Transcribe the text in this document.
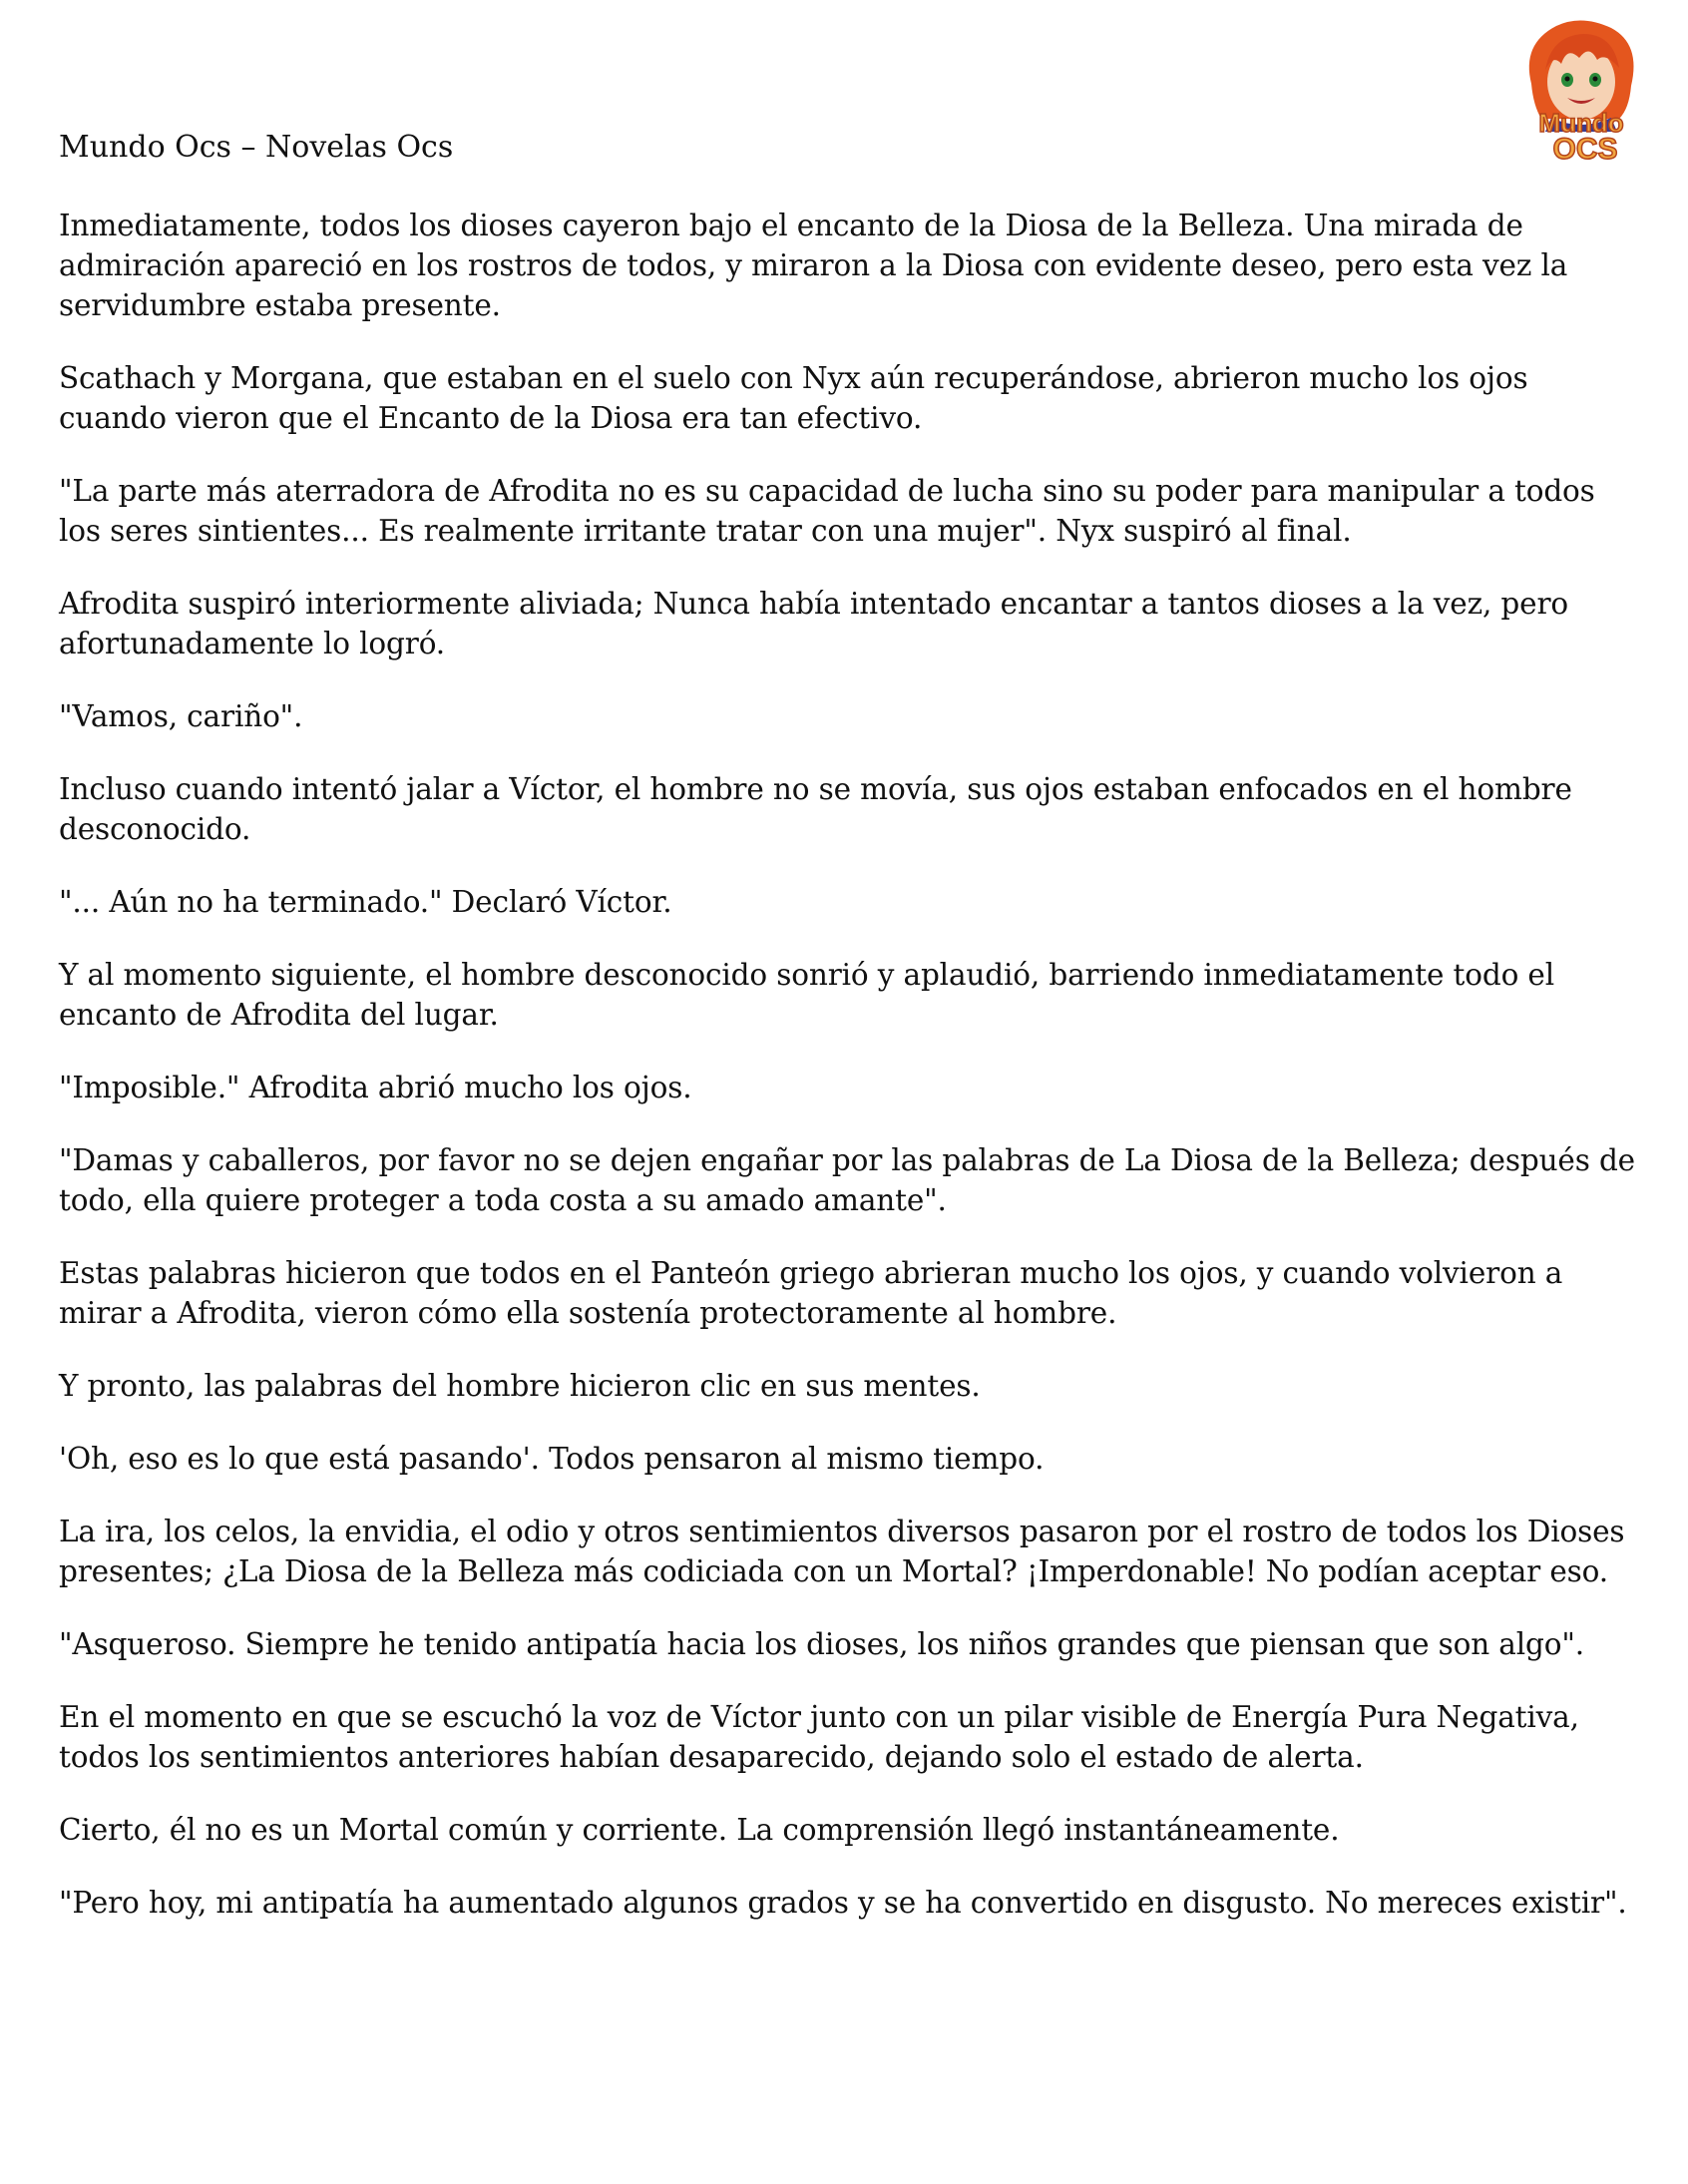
Mundo
OCS
Mundo Ocs – Novelas Ocs

Inmediatamente, todos los dioses cayeron bajo el encanto de la Diosa de la Belleza. Una mirada de admiración apareció en los rostros de todos, y miraron a la Diosa con evidente deseo, pero esta vez la servidumbre estaba presente.

Scathach y Morgana, que estaban en el suelo con Nyx aún recuperándose, abrieron mucho los ojos cuando vieron que el Encanto de la Diosa era tan efectivo.

"La parte más aterradora de Afrodita no es su capacidad de lucha sino su poder para manipular a todos los seres sintientes... Es realmente irritante tratar con una mujer". Nyx suspiró al final.

Afrodita suspiró interiormente aliviada; Nunca había intentado encantar a tantos dioses a la vez, pero afortunadamente lo logró.

"Vamos, cariño".

Incluso cuando intentó jalar a Víctor, el hombre no se movía, sus ojos estaban enfocados en el hombre desconocido.

"... Aún no ha terminado." Declaró Víctor.

Y al momento siguiente, el hombre desconocido sonrió y aplaudió, barriendo inmediatamente todo el encanto de Afrodita del lugar.

"Imposible." Afrodita abrió mucho los ojos.

"Damas y caballeros, por favor no se dejen engañar por las palabras de La Diosa de la Belleza; después de todo, ella quiere proteger a toda costa a su amado amante".

Estas palabras hicieron que todos en el Panteón griego abrieran mucho los ojos, y cuando volvieron a mirar a Afrodita, vieron cómo ella sostenía protectoramente al hombre.

Y pronto, las palabras del hombre hicieron clic en sus mentes.

'Oh, eso es lo que está pasando'. Todos pensaron al mismo tiempo.

La ira, los celos, la envidia, el odio y otros sentimientos diversos pasaron por el rostro de todos los Dioses presentes; ¿La Diosa de la Belleza más codiciada con un Mortal? ¡Imperdonable! No podían aceptar eso.

"Asqueroso. Siempre he tenido antipatía hacia los dioses, los niños grandes que piensan que son algo".

En el momento en que se escuchó la voz de Víctor junto con un pilar visible de Energía Pura Negativa, todos los sentimientos anteriores habían desaparecido, dejando solo el estado de alerta.

Cierto, él no es un Mortal común y corriente. La comprensión llegó instantáneamente.

"Pero hoy, mi antipatía ha aumentado algunos grados y se ha convertido en disgusto. No mereces existir".
